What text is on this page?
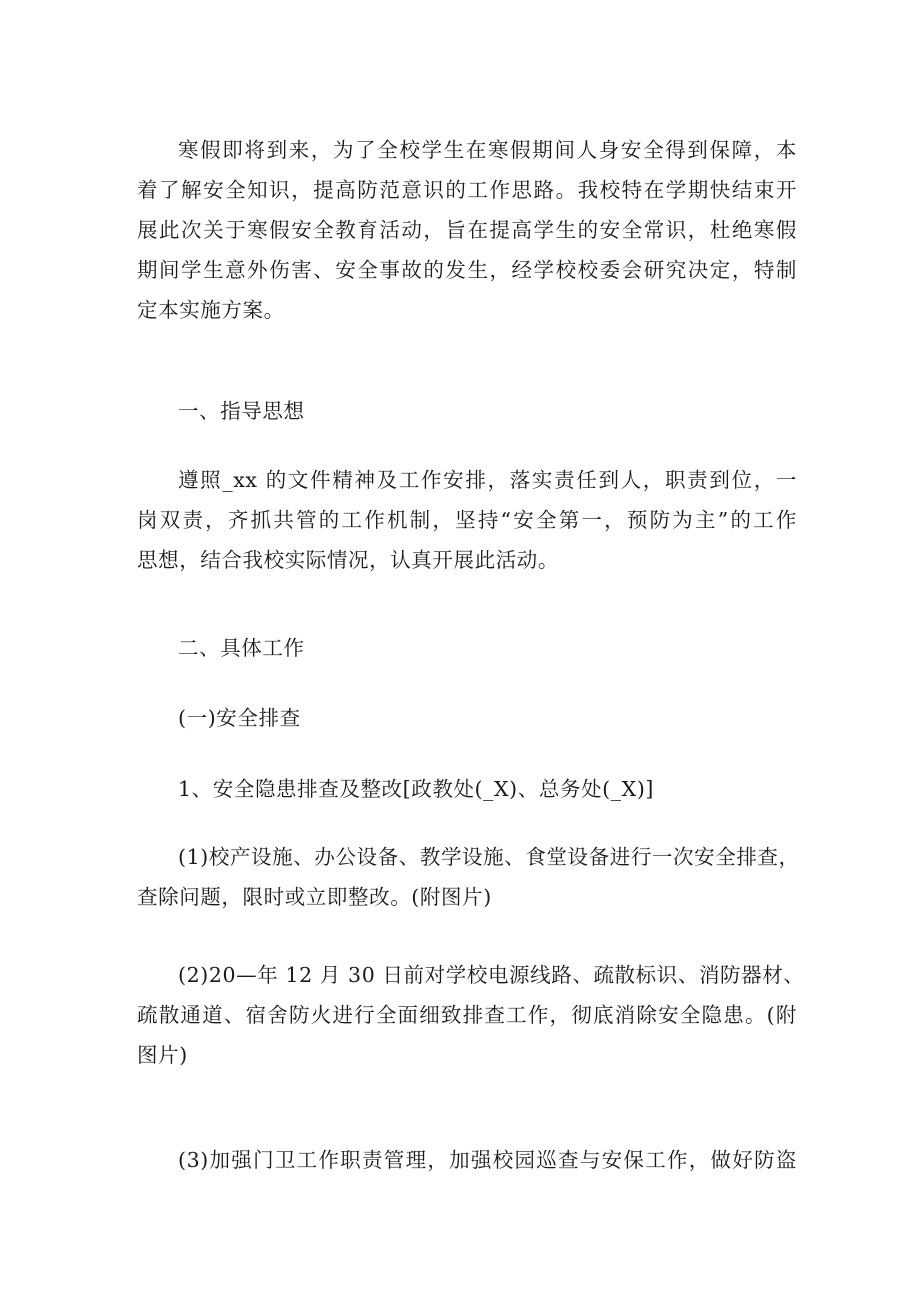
寒假即将到来，为了全校学生在寒假期间人身安全得到保障，本
着了解安全知识，提高防范意识的工作思路。我校特在学期快结束开
展此次关于寒假安全教育活动，旨在提高学生的安全常识，杜绝寒假
期间学生意外伤害、安全事故的发生，经学校校委会研究决定，特制
定本实施方案。
一、指导思想
遵照_xx 的文件精神及工作安排，落实责任到人，职责到位，一
岗双责，齐抓共管的工作机制，坚持“安全第一，预防为主”的工作
思想，结合我校实际情况，认真开展此活动。
二、具体工作
(一)安全排查
1、安全隐患排查及整改[政教处(_X)、总务处(_X)]
(1)校产设施、办公设备、教学设施、食堂设备进行一次安全排查，
查除问题，限时或立即整改。(附图片)
(2)20—年 12 月 30 日前对学校电源线路、疏散标识、消防器材、
疏散通道、宿舍防火进行全面细致排查工作，彻底消除安全隐患。(附
图片)
(3)加强门卫工作职责管理，加强校园巡查与安保工作，做好防盗
